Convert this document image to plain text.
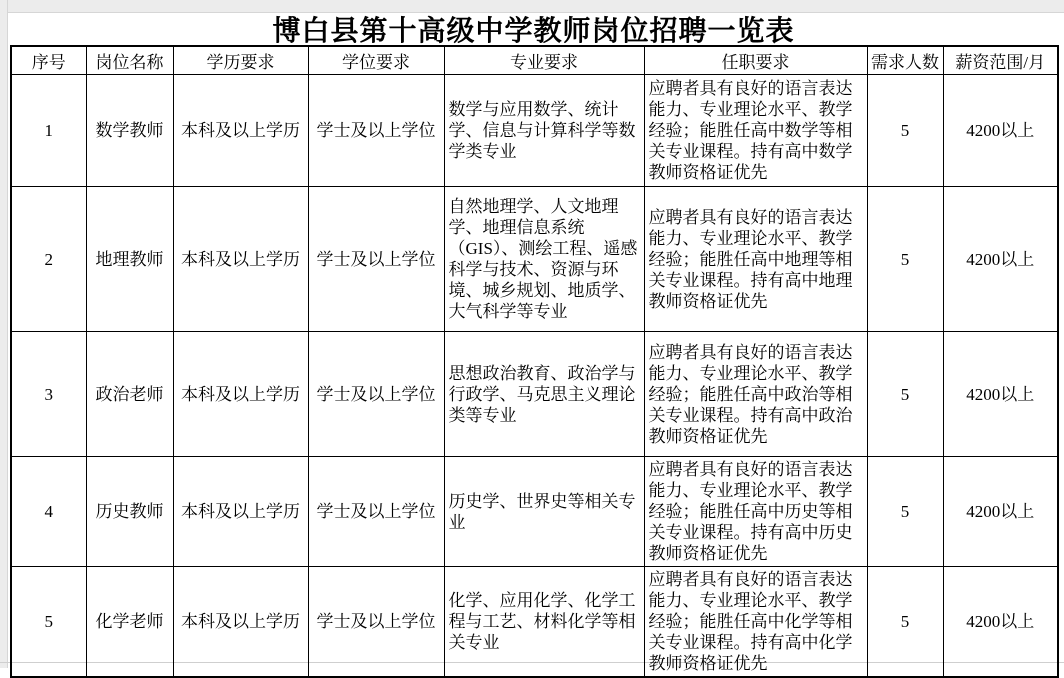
博白县第十高级中学教师岗位招聘一览表
序号	岗位名称	学历要求	学位要求	专业要求	任职要求	需求人数	薪资范围/月
1	数学教师	本科及以上学历	学士及以上学位	数学与应用数学、统计学、信息与计算科学等数学类专业	应聘者具有良好的语言表达能力、专业理论水平、教学经验；能胜任高中数学等相关专业课程。持有高中数学教师资格证优先	5	4200以上
2	地理教师	本科及以上学历	学士及以上学位	自然地理学、人文地理学、地理信息系统（GIS）、测绘工程、遥感科学与技术、资源与环境、城乡规划、地质学、大气科学等专业	应聘者具有良好的语言表达能力、专业理论水平、教学经验；能胜任高中地理等相关专业课程。持有高中地理教师资格证优先	5	4200以上
3	政治老师	本科及以上学历	学士及以上学位	思想政治教育、政治学与行政学、马克思主义理论类等专业	应聘者具有良好的语言表达能力、专业理论水平、教学经验；能胜任高中政治等相关专业课程。持有高中政治教师资格证优先	5	4200以上
4	历史教师	本科及以上学历	学士及以上学位	历史学、世界史等相关专业	应聘者具有良好的语言表达能力、专业理论水平、教学经验；能胜任高中历史等相关专业课程。持有高中历史教师资格证优先	5	4200以上
5	化学老师	本科及以上学历	学士及以上学位	化学、应用化学、化学工程与工艺、材料化学等相关专业	应聘者具有良好的语言表达能力、专业理论水平、教学经验；能胜任高中化学等相关专业课程。持有高中化学教师资格证优先	5	4200以上
